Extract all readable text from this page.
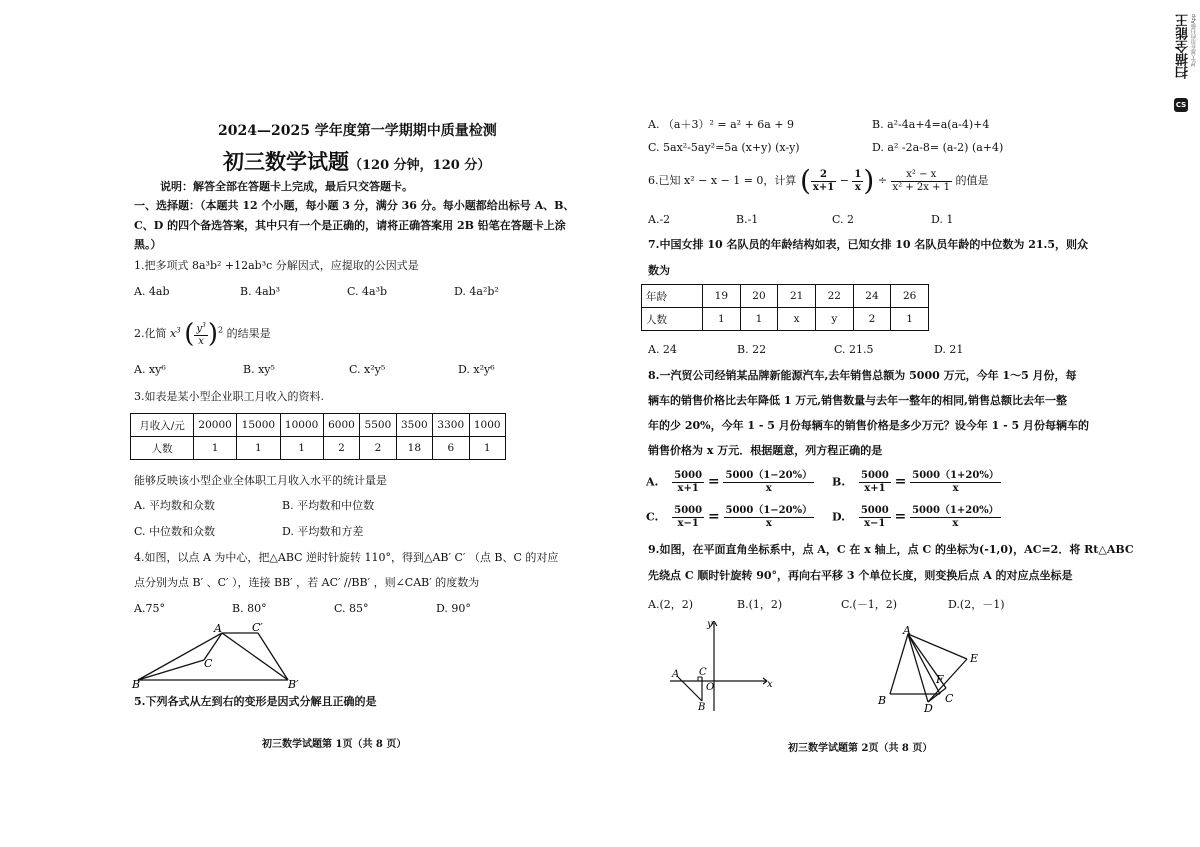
2024—2025 学年度第一学期期中质量检测
初三数学试题（120 分钟，120 分）
说明：解答全部在答题卡上完成，最后只交答题卡。
一、选择题：（本题共 12 个小题，每小题 3 分，满分 36 分。每小题都给出标号 A、B、
C、D 的四个备选答案，其中只有一个是正确的，请将正确答案用 2B 铅笔在答题卡上涂
黑。）
1.把多项式 8a³b² +12ab³c 分解因式，应提取的公因式是
A. 4ab	B. 4ab³	C. 4a³b	D. 4a²b²
2.化简 $x^3$ ( $\frac{y^3}{x} )^2$ 的结果是
A. xy⁶	B. xy⁵	C. x²y⁵	D. x²y⁶
3.如表是某小型企业职工月收入的资料.
月收入/元	20000	15000	10000	6000	5500	3500	3300	1000
人数	1	1	1	2	2	18	6	1
能够反映该小型企业全体职工月收入水平的统计量是
A. 平均数和众数	B. 平均数和中位数
C. 中位数和众数	D. 平均数和方差
4.如图，以点 A 为中心，把△ABC 逆时针旋转 110°，得到△AB′ C′ （点 B、C 的对应
点分别为点 B′ 、C′ ），连接 BB′ ，若 AC′ //BB′ ，则∠CAB′ 的度数为
A.75°	B. 80°	C. 85°	D. 90°
A	C′
C
B	B′
5.下列各式从左到右的变形是因式分解且正确的是
初三数学试题第 1页（共 8 页）
A. （a＋3）² = a² + 6a + 9	B. a²-4a+4=a(a-4)+4
C. 5ax²-5ay²=5a (x+y) (x-y)	D. a² -2a-8= (a-2) (a+4)
6.已知 x² − x − 1 = 0，计算 ( $\frac{2}{x+1} - \frac{1}{x}$ ) ÷ $\frac{\text{x² − x}}{\text{x² + 2x + 1}}$ 的值是
A.-2	B.-1	C. 2	D. 1
7.中国女排 10 名队员的年龄结构如表，已知女排 10 名队员年龄的中位数为 21.5，则众
数为
年龄	19	20	21	22	24	26
人数	1	1	x	y	2	1
A. 24	B. 22	C. 21.5	D. 21
8.一汽贸公司经销某品牌新能源汽车,去年销售总额为 5000 万元，今年 1～5 月份，每
辆车的销售价格比去年降低 1 万元,销售数量与去年一整年的相同,销售总额比去年一整
年的少 20%，今年 1 - 5 月份每辆车的销售价格是多少万元？设今年 1 - 5 月份每辆车的
销售价格为 x 万元．根据题意，列方程正确的是
A. $\frac{5000}{x+1} = \frac{5000(1-20\%)}{x} B$. $\frac{5000}{x+1} = \frac{5000(1+20\%)}{x}$
C. $\frac{5000}{x-1} = \frac{5000(1-20\%)}{x} D$. $\frac{5000}{x-1} = \frac{5000(1+20\%)}{x}$
9.如图，在平面直角坐标系中，点 A，C 在 x 轴上，点 C 的坐标为(-1,0)，AC=2．将 Rt△ABC
先绕点 C 顺时针旋转 90°，再向右平移 3 个单位长度，则变换后点 A 的对应点坐标是
A.(2，2)	B.(1，2)	C.(－1，2)	D.(2，－1)
y
x
A C
O
B
A
E
F
B
D
C
初三数学试题第 2页（共 8 页）
CS
扫描全能王 3亿人都在用的扫描App
